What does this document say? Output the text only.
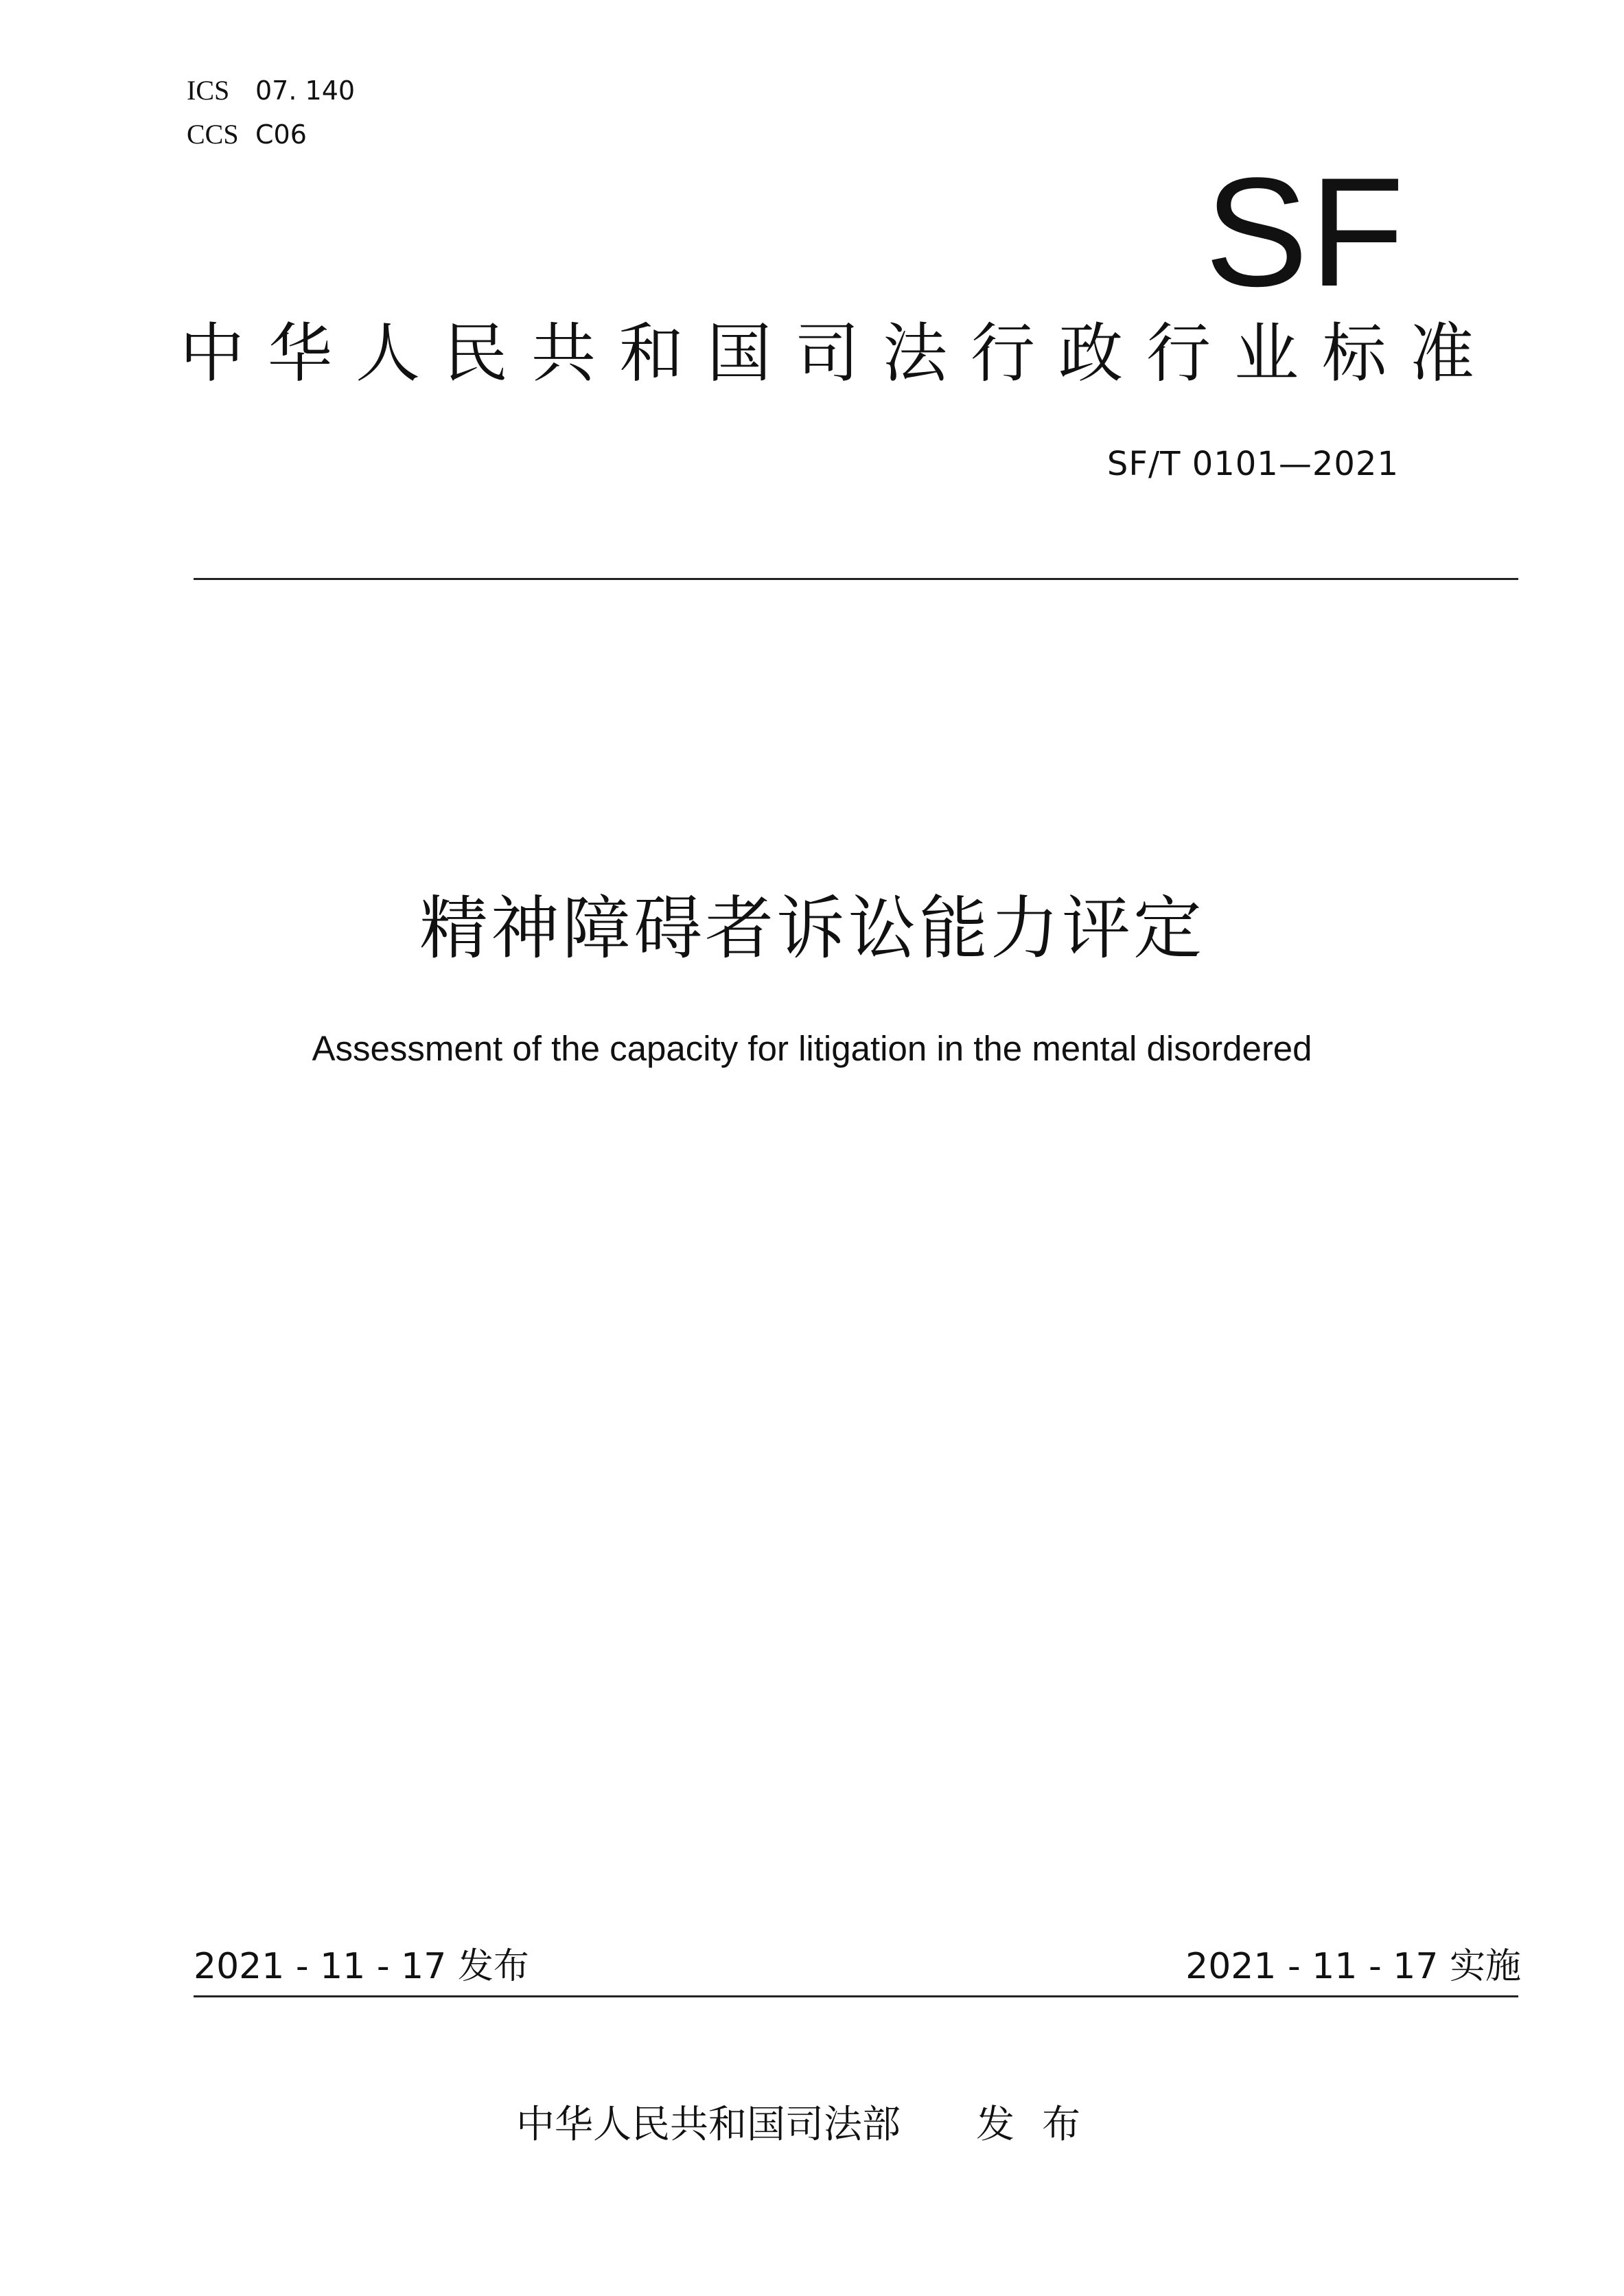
ICS 07. 140
CCS C06
SF
中华人民共和国司法行政行业标准
SF/T 0101—2021
精神障碍者诉讼能力评定
Assessment of the capacity for litigation in the mental disordered
2021 - 11 - 17 发布	2021 - 11 - 17 实施
中华人民共和国司法部 发布
